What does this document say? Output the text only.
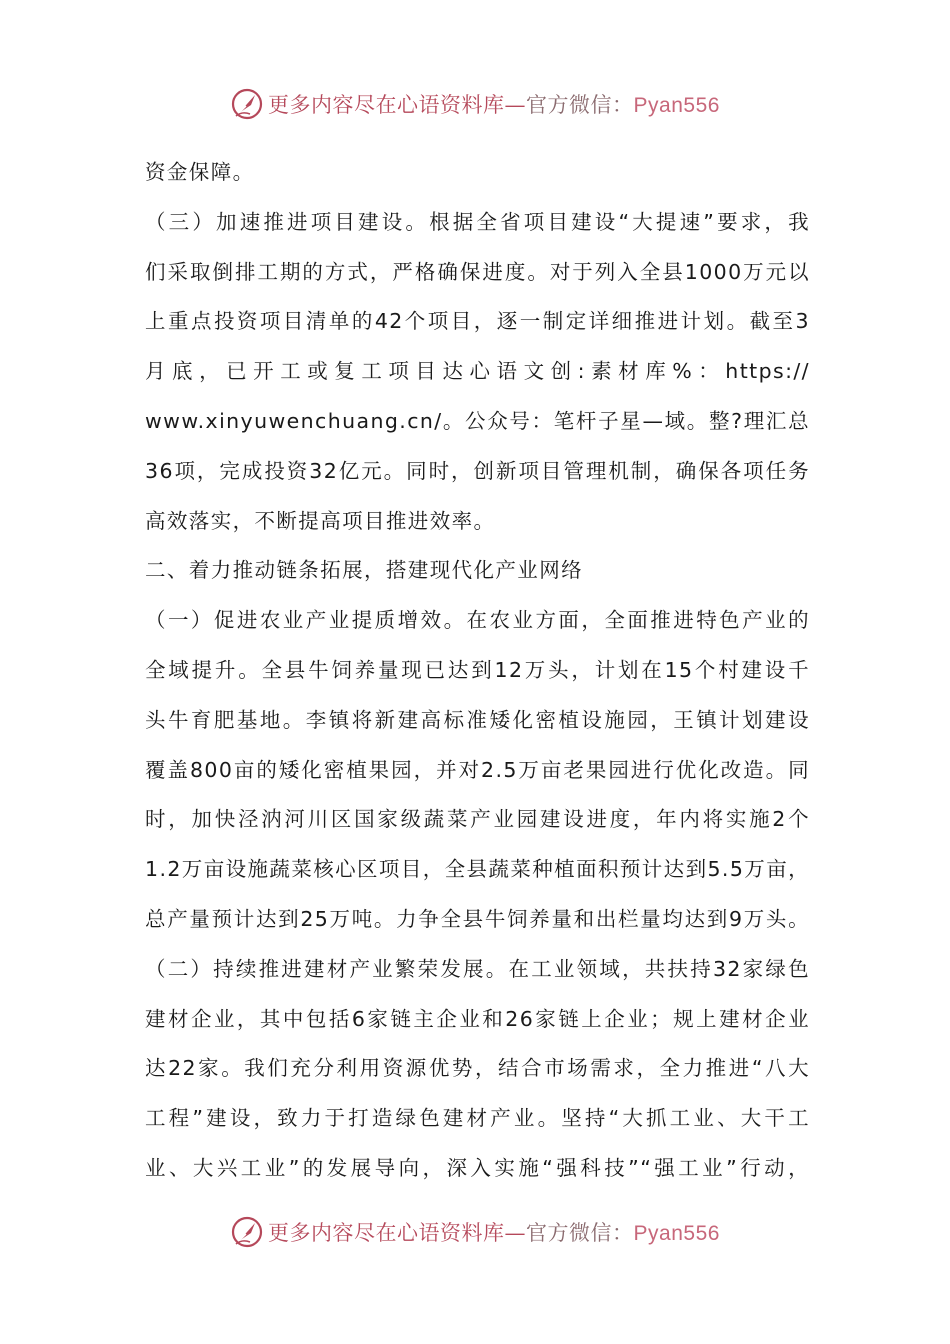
更多内容尽在心语资料库—官方微信：Pyan556
资金保障。
（三）加速推进项目建设。根据全省项目建设“大提速”要求，我
们采取倒排工期的方式，严格确保进度。对于列入全县1000万元以
上重点投资项目清单的42个项目，逐一制定详细推进计划。截至3
月底，已开工或复工项目达心语文创:素材库%：https://
www.xinyuwenchuang.cn/。公众号：笔杆子星—域。整?理汇总
36项，完成投资32亿元。同时，创新项目管理机制，确保各项任务
高效落实，不断提高项目推进效率。
二、着力推动链条拓展，搭建现代化产业网络
（一）促进农业产业提质增效。在农业方面，全面推进特色产业的
全域提升。全县牛饲养量现已达到12万头，计划在15个村建设千
头牛育肥基地。李镇将新建高标准矮化密植设施园，王镇计划建设
覆盖800亩的矮化密植果园，并对2.5万亩老果园进行优化改造。同
时，加快泾汭河川区国家级蔬菜产业园建设进度，年内将实施2个
1.2万亩设施蔬菜核心区项目，全县蔬菜种植面积预计达到5.5万亩，
总产量预计达到25万吨。力争全县牛饲养量和出栏量均达到9万头。
（二）持续推进建材产业繁荣发展。在工业领域，共扶持32家绿色
建材企业，其中包括6家链主企业和26家链上企业；规上建材企业
达22家。我们充分利用资源优势，结合市场需求，全力推进“八大
工程”建设，致力于打造绿色建材产业。坚持“大抓工业、大干工
业、大兴工业”的发展导向，深入实施“强科技”“强工业”行动，
更多内容尽在心语资料库—官方微信：Pyan556
